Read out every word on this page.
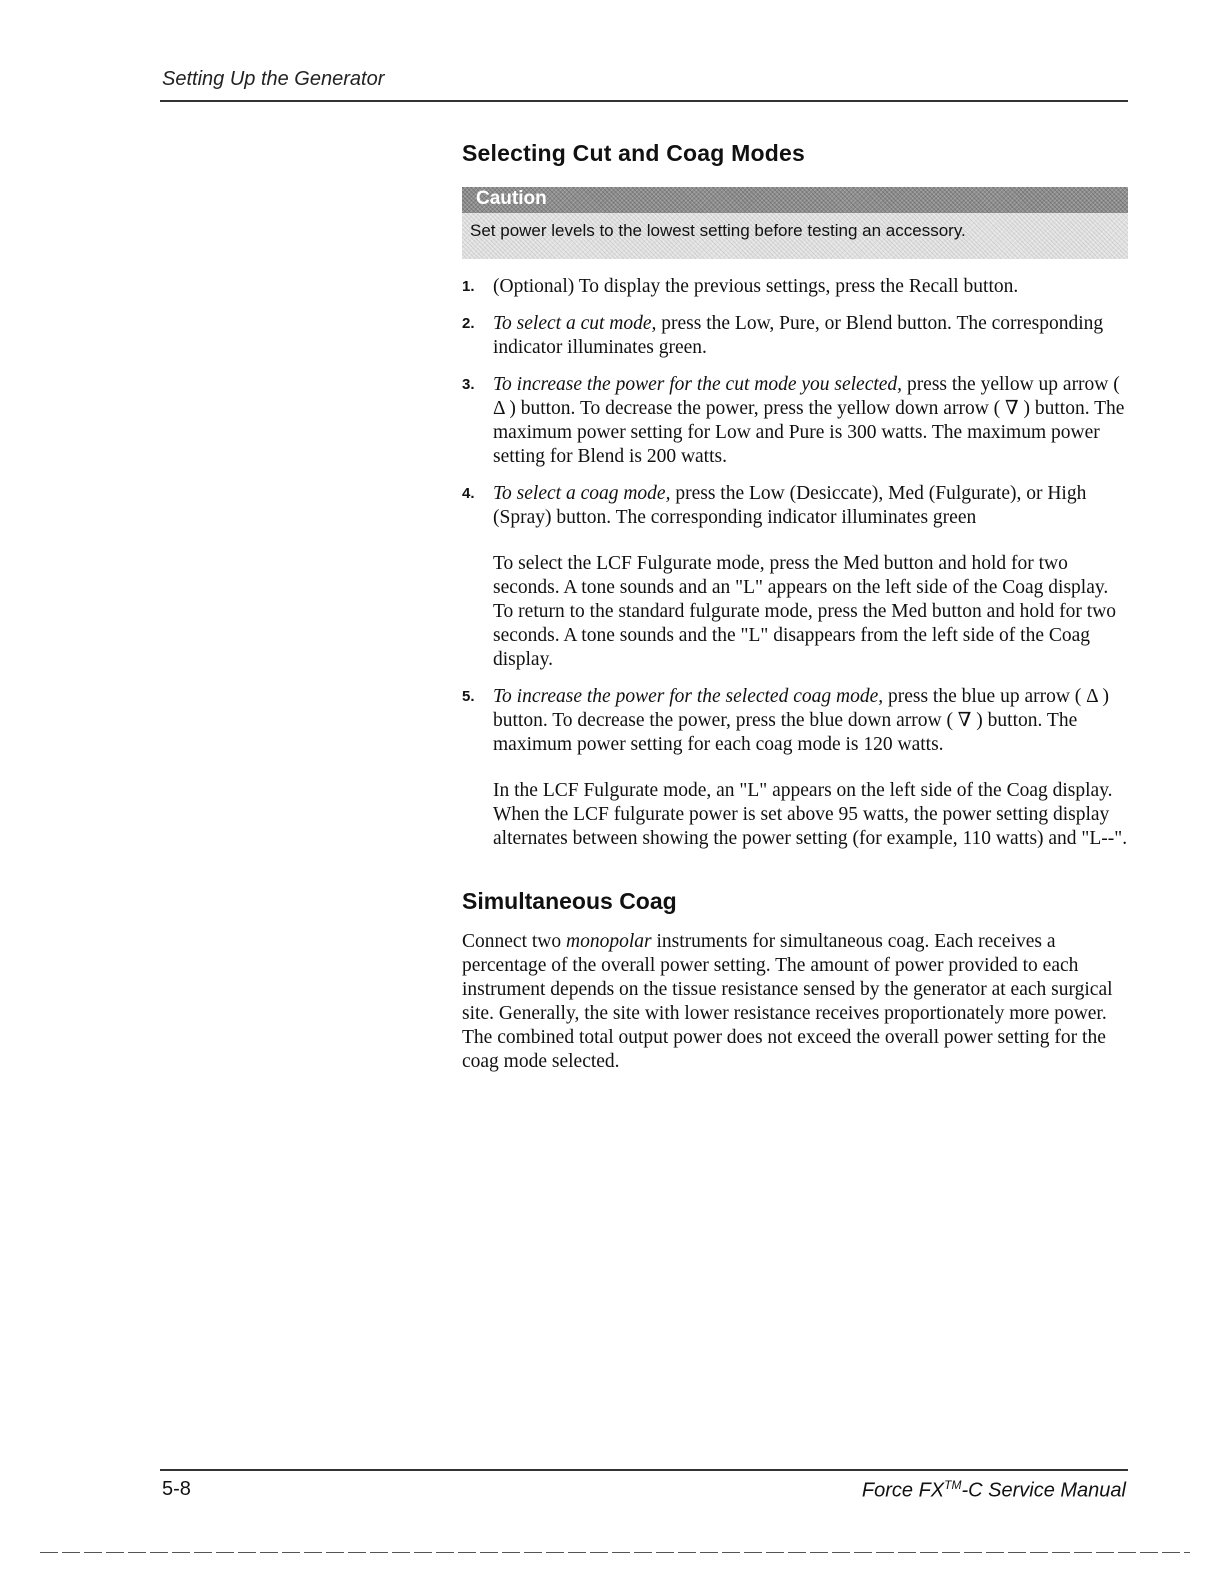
Setting Up the Generator
Selecting Cut and Coag Modes
Caution
Set power levels to the lowest setting before testing an accessory.
1. (Optional) To display the previous settings, press the Recall button.
2. To select a cut mode, press the Low, Pure, or Blend button. The corresponding indicator illuminates green.
3. To increase the power for the cut mode you selected, press the yellow up arrow ( Δ ) button. To decrease the power, press the yellow down arrow ( ∇ ) button. The maximum power setting for Low and Pure is 300 watts. The maximum power setting for Blend is 200 watts.
4. To select a coag mode, press the Low (Desiccate), Med (Fulgurate), or High (Spray) button. The corresponding indicator illuminates green

To select the LCF Fulgurate mode, press the Med button and hold for two seconds. A tone sounds and an "L" appears on the left side of the Coag display. To return to the standard fulgurate mode, press the Med button and hold for two seconds. A tone sounds and the "L" disappears from the left side of the Coag display.

5. To increase the power for the selected coag mode, press the blue up arrow ( Δ ) button. To decrease the power, press the blue down arrow ( ∇ ) button. The maximum power setting for each coag mode is 120 watts.

In the LCF Fulgurate mode, an "L" appears on the left side of the Coag display. When the LCF fulgurate power is set above 95 watts, the power setting display alternates between showing the power setting (for example, 110 watts) and "L--".

Simultaneous Coag

Connect two monopolar instruments for simultaneous coag. Each receives a percentage of the overall power setting. The amount of power provided to each instrument depends on the tissue resistance sensed by the generator at each surgical site. Generally, the site with lower resistance receives proportionately more power. The combined total output power does not exceed the overall power setting for the coag mode selected.

5-8	Force FX™-C Service Manual
